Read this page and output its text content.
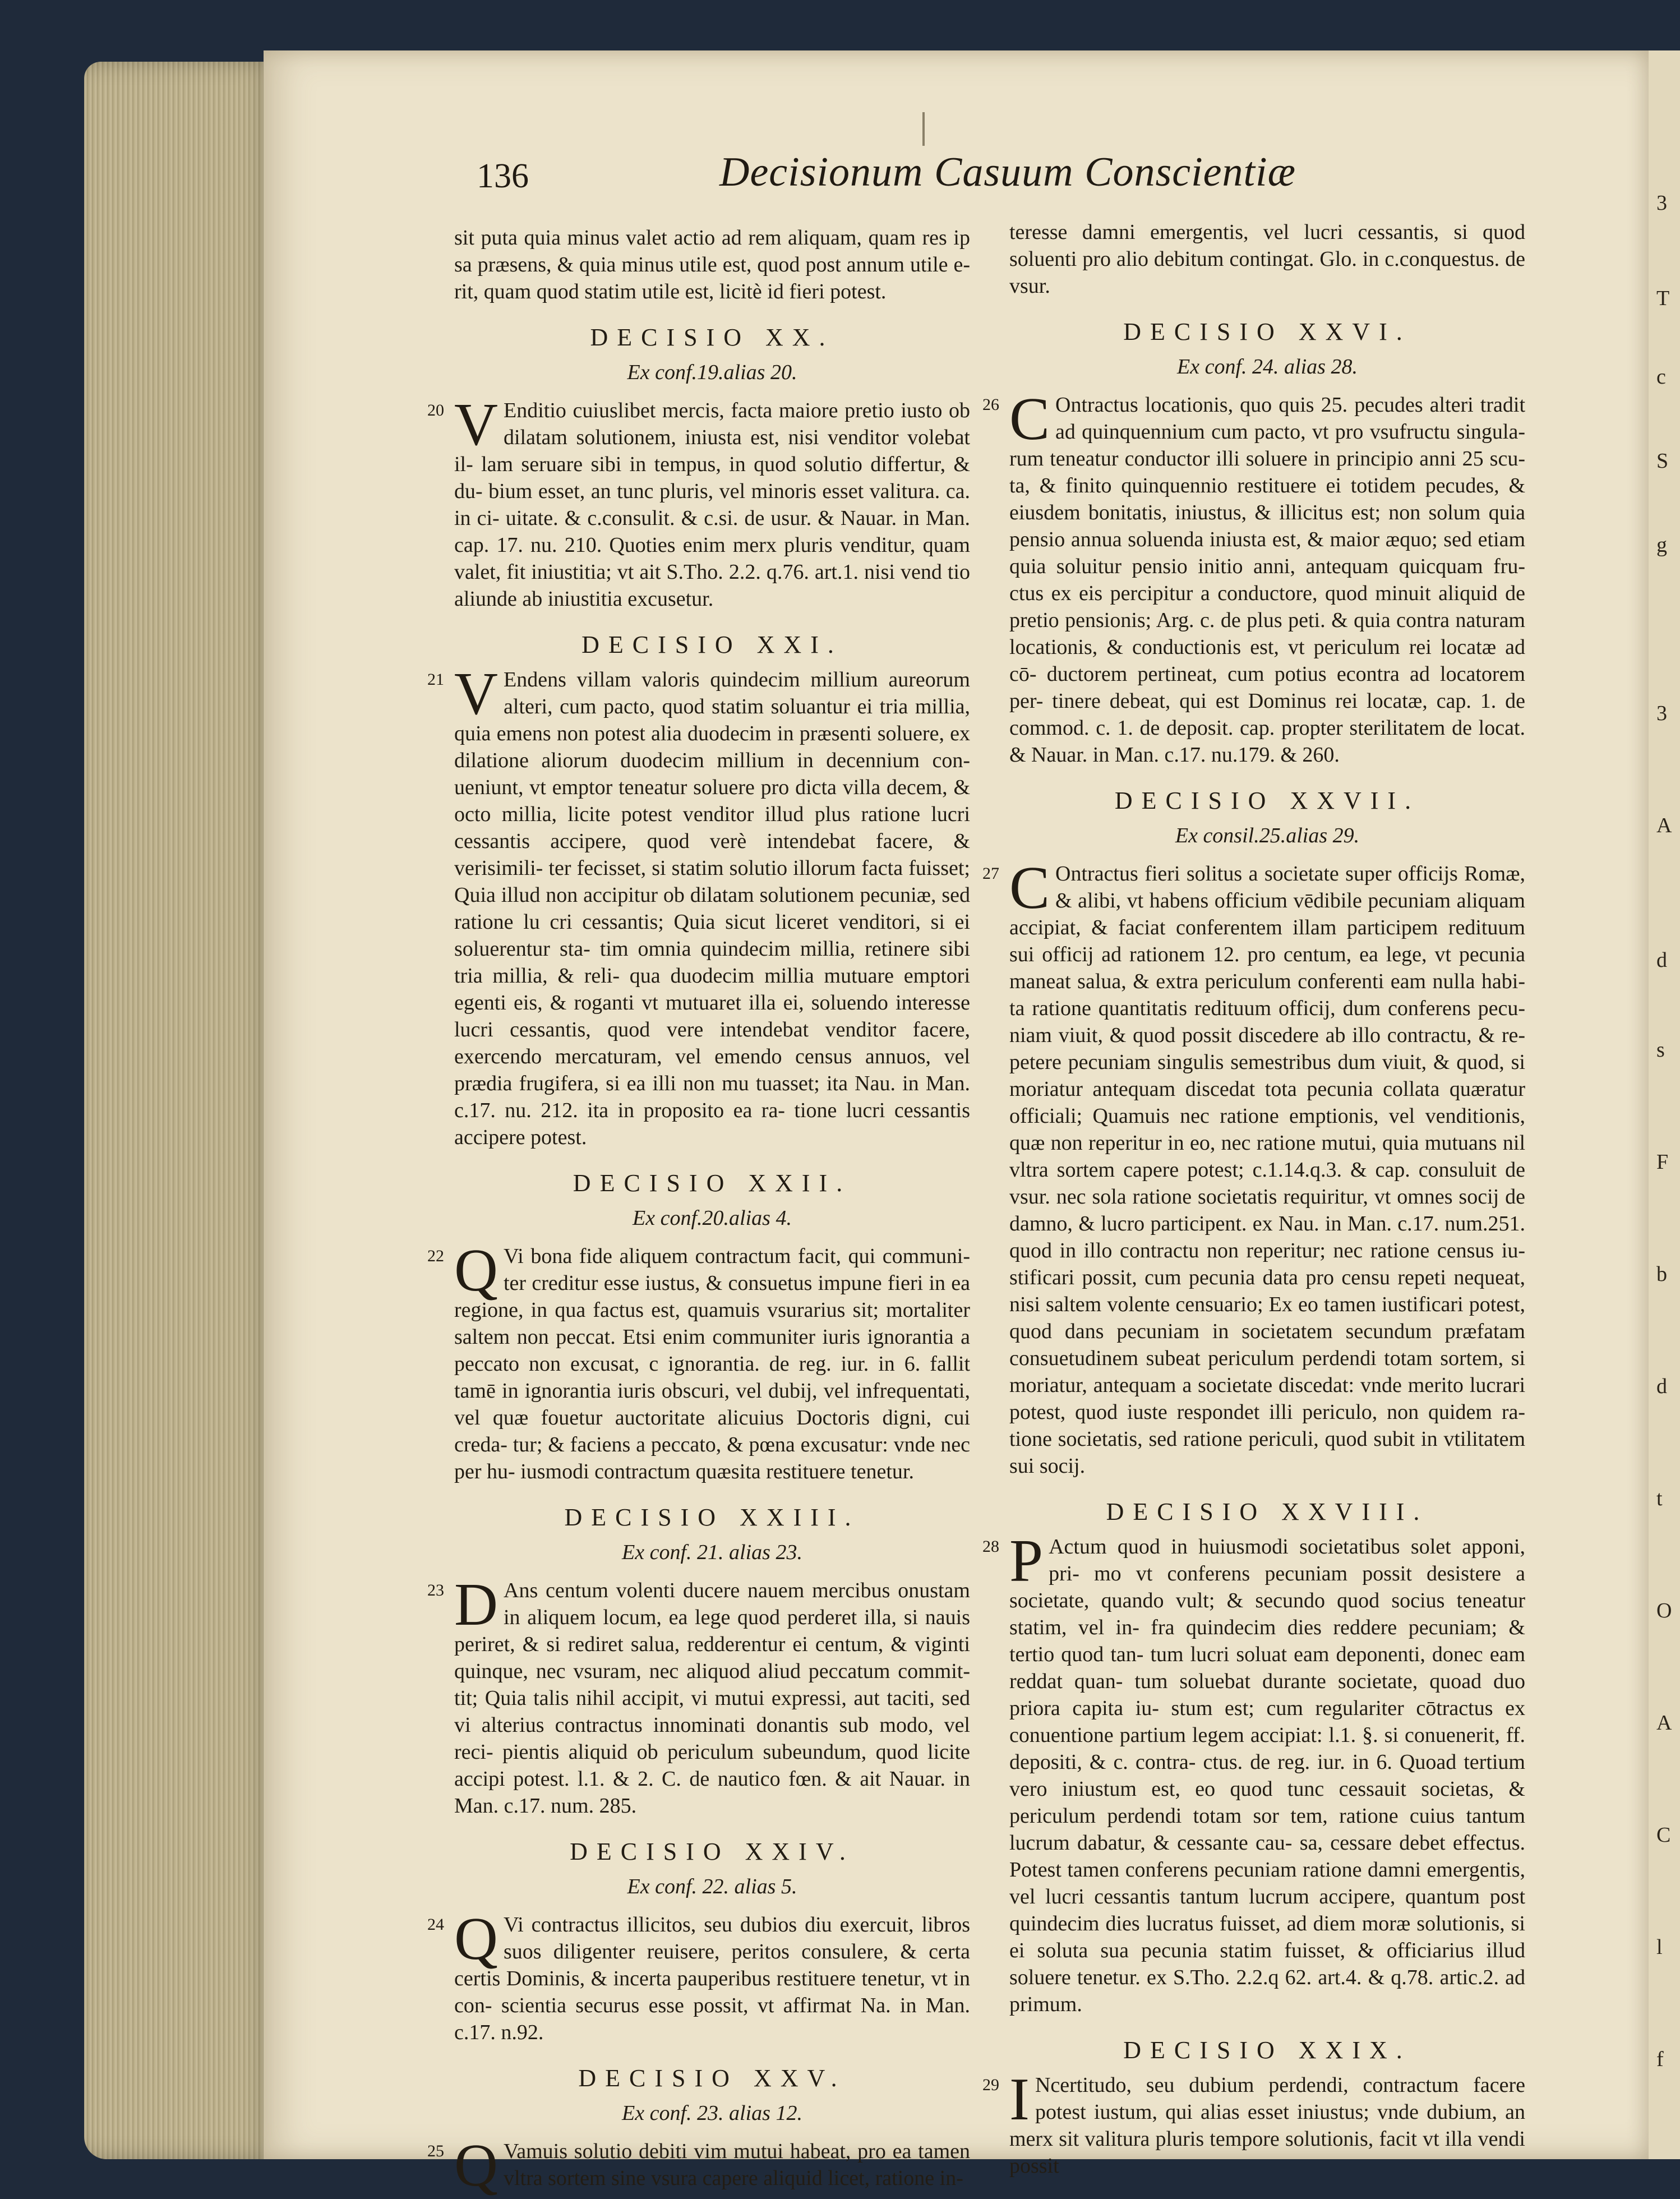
136	Decisionum Casuum Conscientiæ

sit puta quia minus valet actio ad rem aliquam, quam res ip sa præsens, & quia minus utile est, quod post annum utile e- rit, quam quod statim utile est, licitè id fieri potest.

DECISIO XX.
Ex conf.19.alias 20.

20 V Enditio cuiuslibet mercis, facta maiore pretio iusto ob dilatam solutionem, iniusta est, nisi venditor volebat il- lam seruare sibi in tempus, in quod solutio differtur, & du- bium esset, an tunc pluris, vel minoris esset valitura. ca. in ci- uitate. & c.consulit. & c.si. de usur. & Nauar. in Man. cap. 17. nu. 210. Quoties enim merx pluris venditur, quam valet, fit iniustitia; vt ait S.Tho. 2.2. q.76. art.1. nisi vend tio aliunde ab iniustitia excusetur.

DECISIO XXI.

21 V Endens villam valoris quindecim millium aureorum alteri, cum pacto, quod statim soluantur ei tria millia, quia emens non potest alia duodecim in præsenti soluere, ex dilatione aliorum duodecim millium in decennium con- ueniunt, vt emptor teneatur soluere pro dicta villa decem, & octo millia, licite potest venditor illud plus ratione lucri cessantis accipere, quod verè intendebat facere, & verisimili- ter fecisset, si statim solutio illorum facta fuisset; Quia illud non accipitur ob dilatam solutionem pecuniæ, sed ratione lu cri cessantis; Quia sicut liceret venditori, si ei soluerentur sta- tim omnia quindecim millia, retinere sibi tria millia, & reli- qua duodecim millia mutuare emptori egenti eis, & roganti vt mutuaret illa ei, soluendo interesse lucri cessantis, quod vere intendebat venditor facere, exercendo mercaturam, vel emendo census annuos, vel prædia frugifera, si ea illi non mu tuasset; ita Nau. in Man. c.17. nu. 212. ita in proposito ea ra- tione lucri cessantis accipere potest.

DECISIO XXII.
Ex conf.20.alias 4.

22 Q Vi bona fide aliquem contractum facit, qui communi- ter creditur esse iustus, & consuetus impune fieri in ea regione, in qua factus est, quamuis vsurarius sit; mortaliter saltem non peccat. Etsi enim communiter iuris ignorantia a peccato non excusat, c ignorantia. de reg. iur. in 6. fallit tamē in ignorantia iuris obscuri, vel dubij, vel infrequentati, vel quæ fouetur auctoritate alicuius Doctoris digni, cui creda- tur; & faciens a peccato, & pœna excusatur: vnde nec per hu- iusmodi contractum quæsita restituere tenetur.

DECISIO XXIII.
Ex conf. 21. alias 23.

23 D Ans centum volenti ducere nauem mercibus onustam in aliquem locum, ea lege quod perderet illa, si nauis periret, & si rediret salua, redderentur ei centum, & viginti quinque, nec vsuram, nec aliquod aliud peccatum commit- tit; Quia talis nihil accipit, vi mutui expressi, aut taciti, sed vi alterius contractus innominati donantis sub modo, vel reci- pientis aliquid ob periculum subeundum, quod licite accipi potest. l.1. & 2. C. de nautico fœn. & ait Nauar. in Man. c.17. num. 285.

DECISIO XXIV.
Ex conf. 22. alias 5.

24 Q Vi contractus illicitos, seu dubios diu exercuit, libros suos diligenter reuisere, peritos consulere, & certa certis Dominis, & incerta pauperibus restituere tenetur, vt in con- scientia securus esse possit, vt affirmat Na. in Man. c.17. n.92.

DECISIO XXV.
Ex conf. 23. alias 12.

25 Q Vamuis solutio debiti vim mutui habeat, pro ea tamen vltra sortem sine vsura capere aliquid licet, ratione in-

teresse damni emergentis, vel lucri cessantis, si quod soluenti pro alio debitum contingat. Glo. in c.conquestus. de vsur.

DECISIO XXVI.
Ex conf. 24. alias 28.

26 C Ontractus locationis, quo quis 25. pecudes alteri tradit ad quinquennium cum pacto, vt pro vsufructu singula- rum teneatur conductor illi soluere in principio anni 25 scu- ta, & finito quinquennio restituere ei totidem pecudes, & eiusdem bonitatis, iniustus, & illicitus est; non solum quia pensio annua soluenda iniusta est, & maior æquo; sed etiam quia soluitur pensio initio anni, antequam quicquam fru- ctus ex eis percipitur a conductore, quod minuit aliquid de pretio pensionis; Arg. c. de plus peti. & quia contra naturam locationis, & conductionis est, vt periculum rei locatæ ad cō- ductorem pertineat, cum potius econtra ad locatorem per- tinere debeat, qui est Dominus rei locatæ, cap. 1. de commod. c. 1. de deposit. cap. propter sterilitatem de locat. & Nauar. in Man. c.17. nu.179. & 260.

DECISIO XXVII.
Ex consil.25.alias 29.

27 C Ontractus fieri solitus a societate super officijs Romæ, & alibi, vt habens officium vēdibile pecuniam aliquam accipiat, & faciat conferentem illam participem redituum sui officij ad rationem 12. pro centum, ea lege, vt pecunia maneat salua, & extra periculum conferenti eam nulla habi- ta ratione quantitatis redituum officij, dum conferens pecu- niam viuit, & quod possit discedere ab illo contractu, & re- petere pecuniam singulis semestribus dum viuit, & quod, si moriatur antequam discedat tota pecunia collata quæratur officiali; Quamuis nec ratione emptionis, vel venditionis, quæ non reperitur in eo, nec ratione mutui, quia mutuans nil vltra sortem capere potest; c.1.14.q.3. & cap. consuluit de vsur. nec sola ratione societatis requiritur, vt omnes socij de damno, & lucro participent. ex Nau. in Man. c.17. num.251. quod in illo contractu non reperitur; nec ratione census iu- stificari possit, cum pecunia data pro censu repeti nequeat, nisi saltem volente censuario; Ex eo tamen iustificari potest, quod dans pecuniam in societatem secundum præfatam consuetudinem subeat periculum perdendi totam sortem, si moriatur, antequam a societate discedat: vnde merito lucrari potest, quod iuste respondet illi periculo, non quidem ra- tione societatis, sed ratione periculi, quod subit in vtilitatem sui socij.

DECISIO XXVIII.

28 P Actum quod in huiusmodi societatibus solet apponi, pri- mo vt conferens pecuniam possit desistere a societate, quando vult; & secundo quod socius teneatur statim, vel in- fra quindecim dies reddere pecuniam; & tertio quod tan- tum lucri soluat eam deponenti, donec eam reddat quan- tum soluebat durante societate, quoad duo priora capita iu- stum est; cum regulariter cōtractus ex conuentione partium legem accipiat: l.1. §. si conuenerit, ff. depositi, & c. contra- ctus. de reg. iur. in 6. Quoad tertium vero iniustum est, eo quod tunc cessauit societas, & periculum perdendi totam sor tem, ratione cuius tantum lucrum dabatur, & cessante cau- sa, cessare debet effectus. Potest tamen conferens pecuniam ratione damni emergentis, vel lucri cessantis tantum lucrum accipere, quantum post quindecim dies lucratus fuisset, ad diem moræ solutionis, si ei soluta sua pecunia statim fuisset, & officiarius illud soluere tenetur. ex S.Tho. 2.2.q 62. art.4. & q.78. artic.2. ad primum.

DECISIO XXIX.

29 I Ncertitudo, seu dubium perdendi, contractum facere potest iustum, qui alias esset iniustus; vnde dubium, an merx sit valitura pluris tempore solutionis, facit vt illa vendi possit

3
T
c
S
g
3
A
d
s
F
b
d
t
O
A
C
l
f
